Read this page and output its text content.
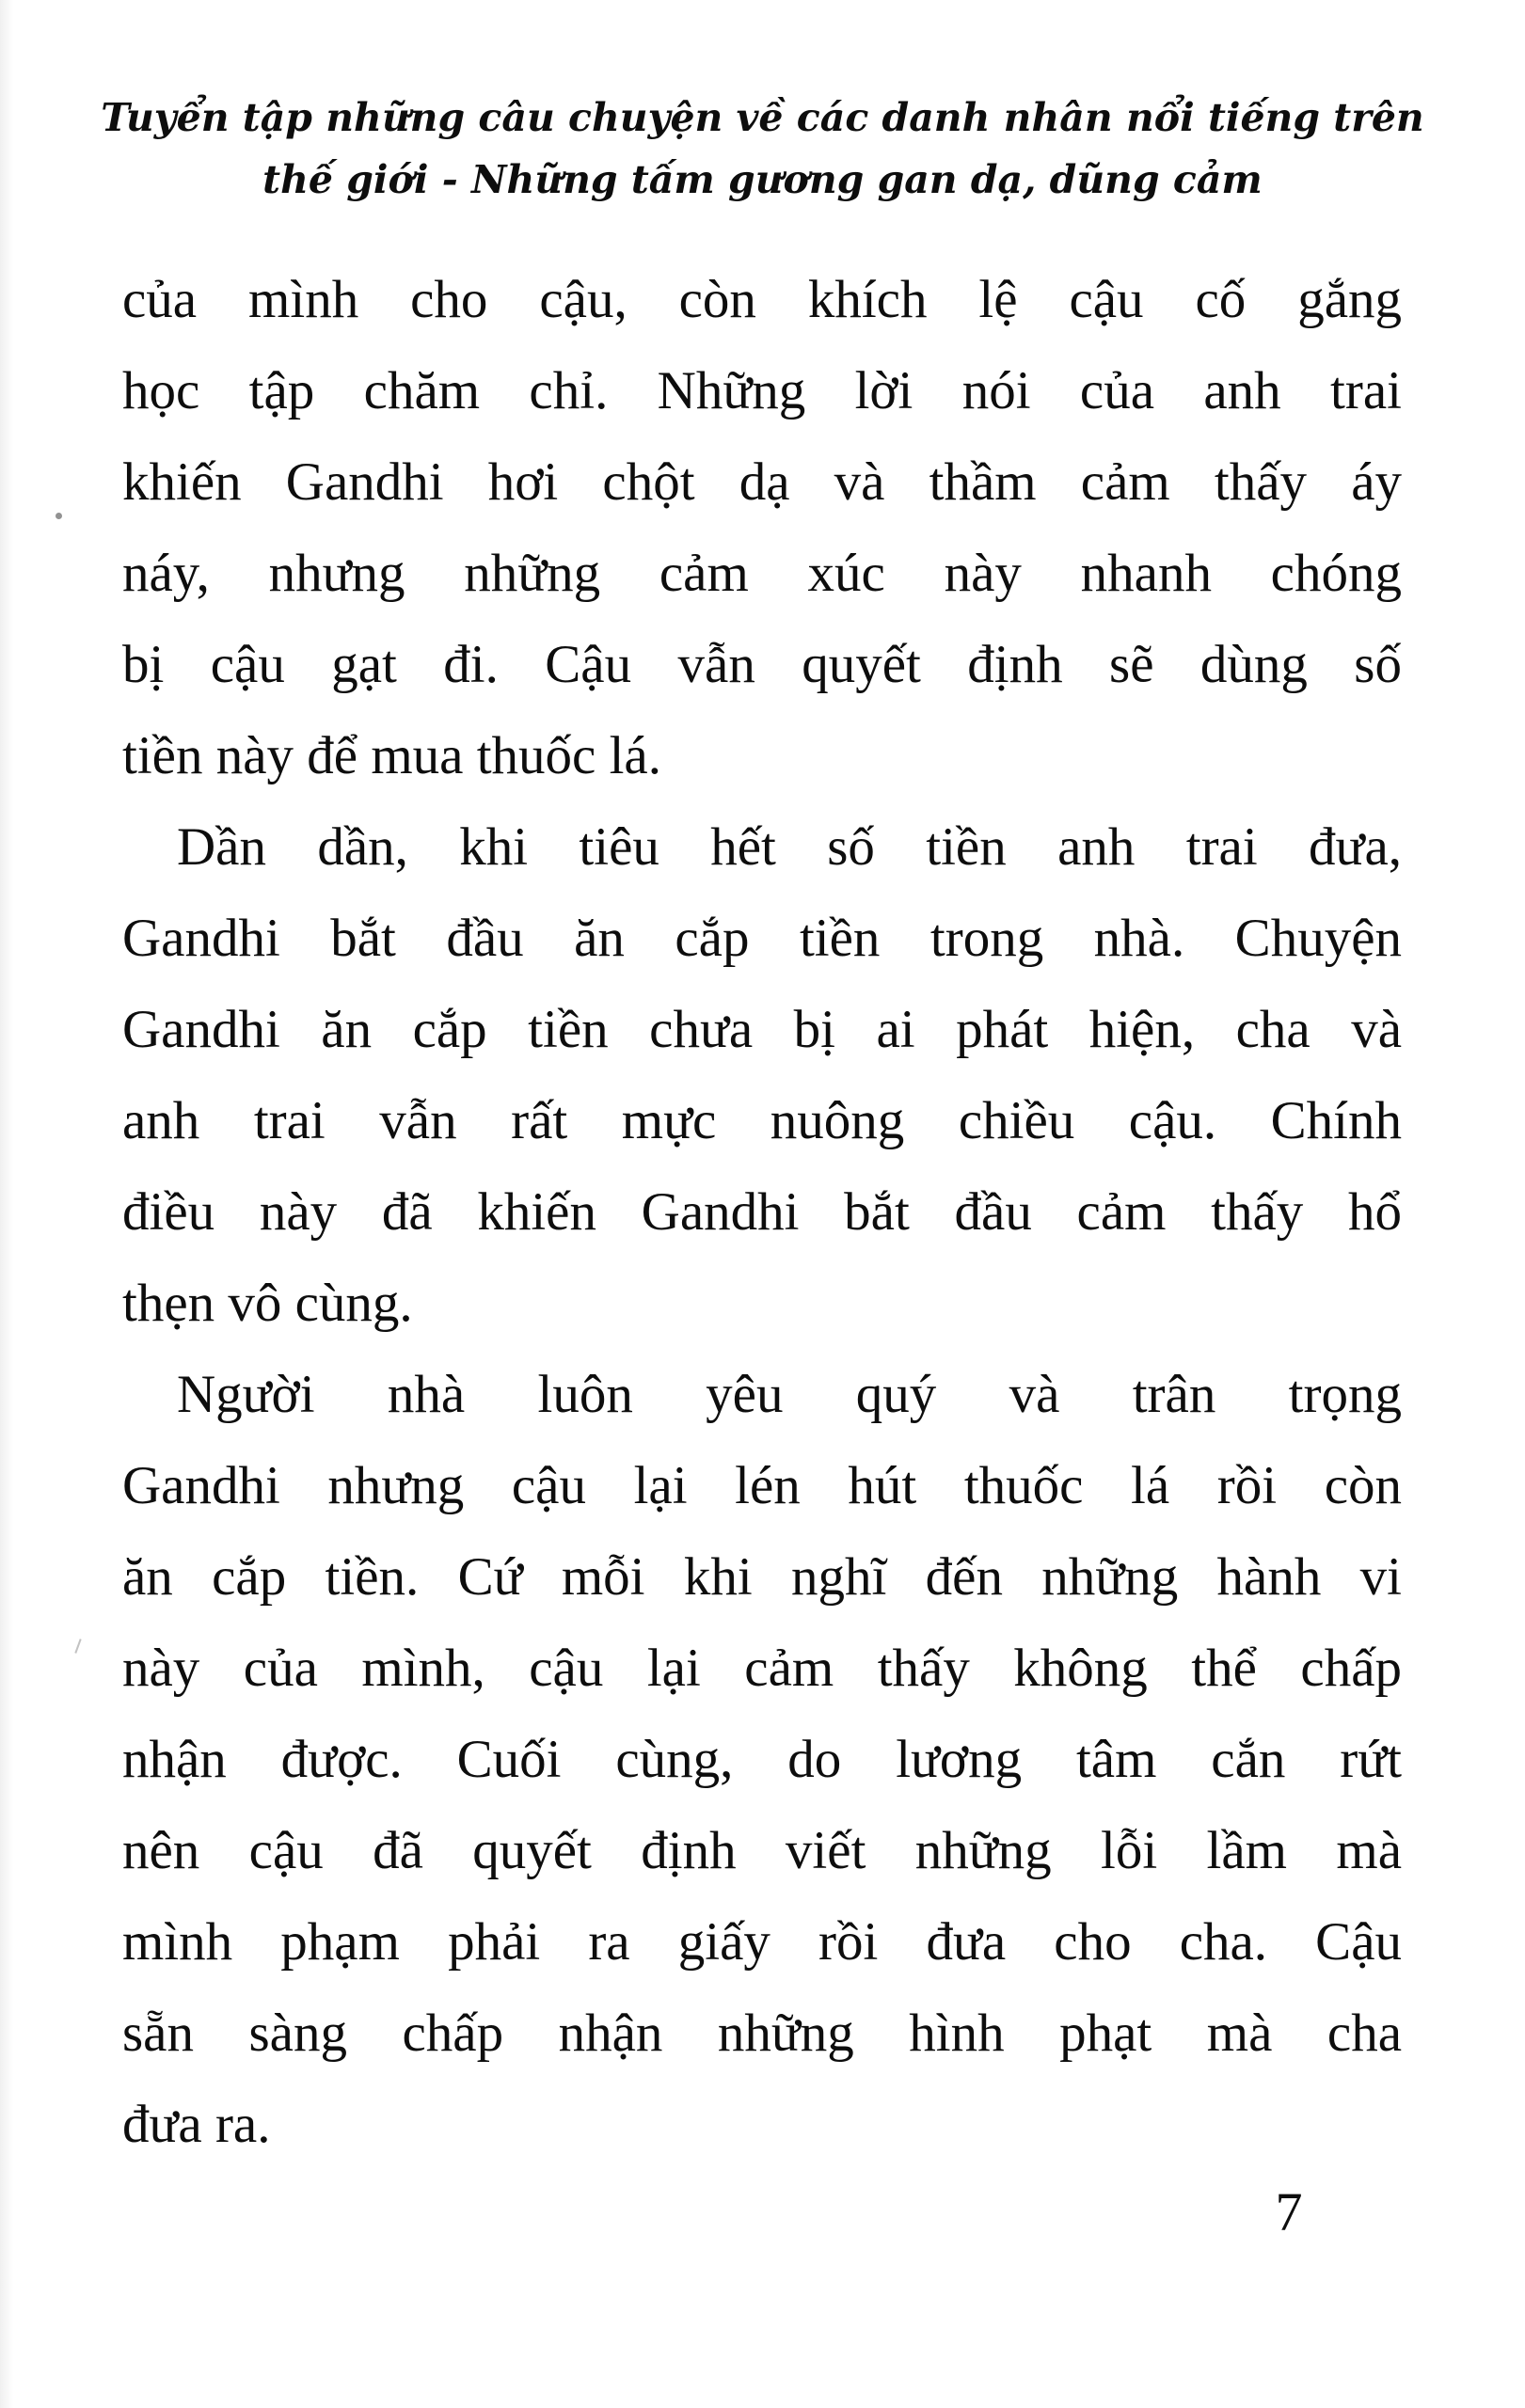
Tuyển tập những câu chuyện về các danh nhân nổi tiếng trên
thế giới - Những tấm gương gan dạ, dũng cảm
của mình cho cậu, còn khích lệ cậu cố gắng
học tập chăm chỉ. Những lời nói của anh trai
khiến Gandhi hơi chột dạ và thầm cảm thấy áy
náy, nhưng những cảm xúc này nhanh chóng
bị cậu gạt đi. Cậu vẫn quyết định sẽ dùng số
tiền này để mua thuốc lá.
Dần dần, khi tiêu hết số tiền anh trai đưa,
Gandhi bắt đầu ăn cắp tiền trong nhà. Chuyện
Gandhi ăn cắp tiền chưa bị ai phát hiện, cha và
anh trai vẫn rất mực nuông chiều cậu. Chính
điều này đã khiến Gandhi bắt đầu cảm thấy hổ
thẹn vô cùng.
Người nhà luôn yêu quý và trân trọng
Gandhi nhưng cậu lại lén hút thuốc lá rồi còn
ăn cắp tiền. Cứ mỗi khi nghĩ đến những hành vi
này của mình, cậu lại cảm thấy không thể chấp
nhận được. Cuối cùng, do lương tâm cắn rứt
nên cậu đã quyết định viết những lỗi lầm mà
mình phạm phải ra giấy rồi đưa cho cha. Cậu
sẵn sàng chấp nhận những hình phạt mà cha
đưa ra.
7
